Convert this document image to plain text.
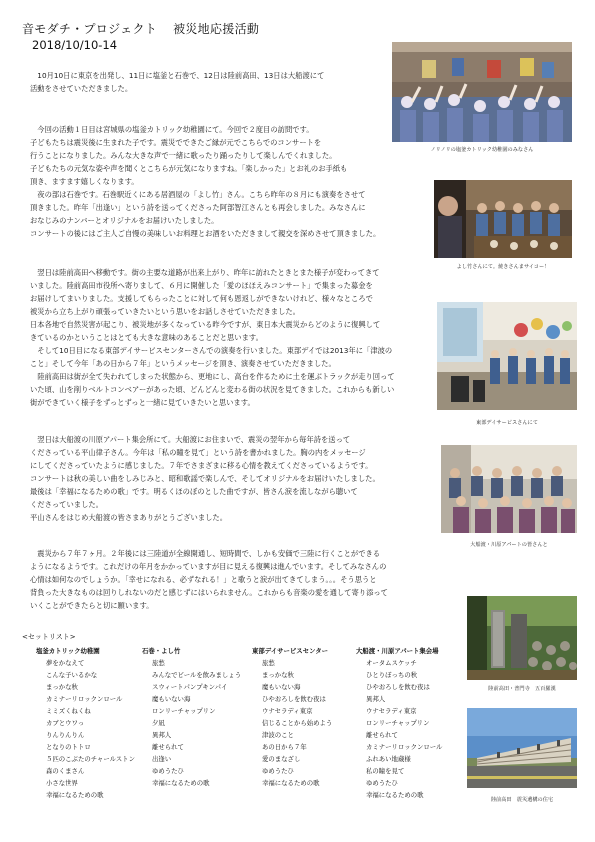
音モダチ・プロジェクト 被災地応援活動
2018/10/10-14
　10月10日に東京を出発し、11日に塩釜と石巻で、12日は陸前高田、13日は大船渡にて
活動をさせていただきました。
　今回の活動１日目は宮城県の塩釜カトリック幼稚園にて。今回で２度目の訪問です。
子どもたちは震災後に生まれた子です。震災でできたご縁が元でこちらでのコンサートを
行うことになりました。みんな大きな声で一緒に歌ったり踊ったりして楽しんでくれました。
子どもたちの元気な姿や声を聞くとこちらが元気になりますね。「楽しかった」とお礼のお手紙も
頂き、ますます嬉しくなります。
　夜の部は石巻です。石巻駅近くにある居酒屋の「よし竹」さん。こちら昨年の８月にも演奏をさせて
頂きました。昨年「出逢い」という詩を送ってくださった阿部智江さんとも再会しました。みなさんに
おなじみのナンバーとオリジナルをお届けいたしました。
コンサートの後にはご主人ご自慢の美味しいお料理とお酒をいただきまして親交を深めさせて頂きました。
　翌日は陸前高田へ移動です。街の主要な道路が出来上がり、昨年に訪れたときとまた様子が変わってきて
いました。陸前高田市役所へ寄りまして、６月に開催した「愛のほほえみコンサート」で集まった募金を
お届けしてまいりました。支援してもらったことに対して何も恩返しができないけれど、様々なところで
被災から立ち上がり頑張っていきたいという思いをお話しさせていただきました。
日本各地で自然災害が起こり、被災地が多くなっている昨今ですが、東日本大震災からどのように復興して
きているのかということはとても大きな意味のあることだと思います。
　そして10日目になる東部デイサービスセンターさんでの演奏を行いました。東部デイでは2013年に「津波の
こと」そして今年「あの日から７年」というメッセージを頂き、演奏させていただきました。
　陸前高田は街が全て失われてしまった状態から、更地にし、高台を作るために土を運ぶトラックが走り回って
いた頃、山を削りベルトコンベアーがあった頃、どんどんと変わる街の状況を見てきました。これからも新しい
街ができていく様子をずっとずっと一緒に見ていきたいと思います。
　翌日は大船渡の川原アパート集会所にて。大船渡にお住まいで、震災の翌年から毎年詩を送って
くださっている平山律子さん。今年は「私の瞳を見て」という詩を書かれました。胸の内をメッセージ
にしてくださっていたように感じました。７年でさまざまに移る心情を教えてくださっているようです。
コンサートは秋の美しい曲をしみじみと、昭和歌謡で楽しんで、そしてオリジナルをお届けいたしました。
最後は「幸福になるための歌」です。明るくほのぼのとした曲ですが、皆さん涙を流しながら聴いて
くださっていました。
平山さんをはじめ大船渡の皆さまありがとうございました。
　震災から７年７ヶ月。２年後には三陸道が全線開通し、短時間で、しかも安価で三陸に行くことができる
ようになるようです。これだけの年月をかかっていますが目に見える復興は進んでいます。そしてみなさんの
心情は如何なのでしょうか。「幸せになれる、必ずなれる！」と歌うと涙が出てきてしまう。。。そう思うと
背負った大きなものは回りしれないのだと感じずにはいられません。これからも音楽の愛を通して寄り添って
いくことができたらと切に願います。
ノリノリの塩釜カトリック幼稚園のみなさん
よし竹さんにて。焼きさんまサイコー！
東部デイサービスさんにて
大船渡・川原アパートの皆さんと
陸前高田・普門寺　五百羅漢
陸前高田　震災遺構の住宅
<セットリスト>
塩釜カトリック幼稚園
夢をかなえて
こんな子いるかな
まっかな秋
カミナーリロックンロール
ミミズくねくね
カブとウワっ
りんりんりん
となりのトトロ
５匹のこぶたのチャールストン
森のくまさん
小さな世界
幸福になるための歌
石巻・よし竹
旅愁
みんなでビールを飲みましょう
スウィートパンプキンパイ
魔もいない海
ロンリーチャップリン
夕凪
異邦人
離せられて
出逢い
ゆめうたひ
幸福になるための歌
東部デイサービスセンター
旅愁
まっかな秋
魔もいない海
ひやおろしを飲む夜は
ウナセラディ東京
信じることから始めよう
津波のこと
あの日から７年
愛のまなざし
ゆめうたひ
幸福になるための歌
大船渡・川原アパート集会場
オータムスケッチ
ひとりぼっちの秋
ひやおろしを飲む夜は
異邦人
ウナセラディ東京
ロンリーチャップリン
離せられて
カミナーリロックンロール
ふれあい地蔵様
私の瞳を見て
ゆめうたひ
幸福になるための歌
